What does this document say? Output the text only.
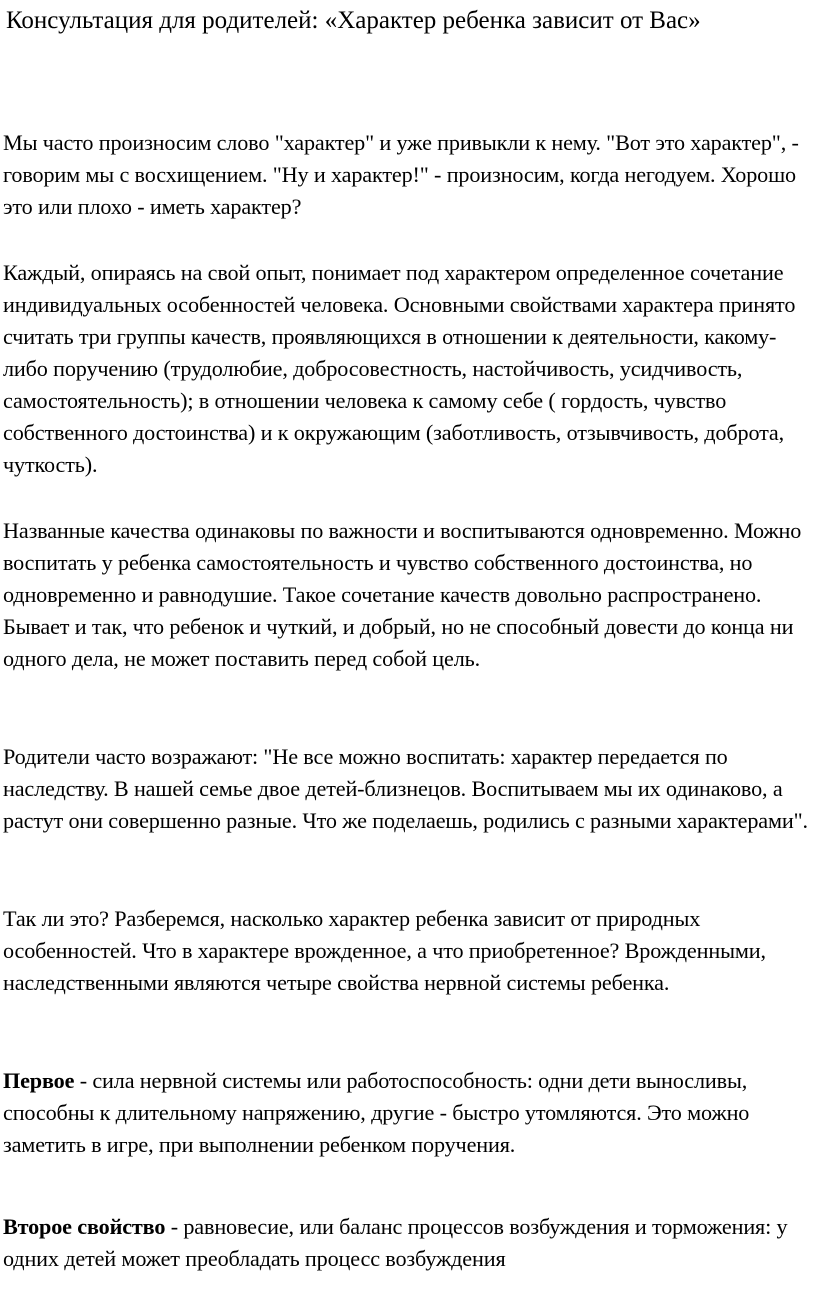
Консультация для родителей: «Характер ребенка зависит от Вас»

Мы часто произносим слово "характер" и уже привыкли к нему. "Вот это характер", - говорим мы с восхищением. "Ну и характер!" - произносим, когда негодуем. Хорошо это или плохо - иметь характер?

Каждый, опираясь на свой опыт, понимает под характером определенное сочетание индивидуальных особенностей человека. Основными свойствами характера принято считать три группы качеств, проявляющихся в отношении к деятельности, какому-либо поручению (трудолюбие, добросовестность, настойчивость, усидчивость, самостоятельность); в отношении человека к самому себе ( гордость, чувство собственного достоинства) и к окружающим (заботливость, отзывчивость, доброта, чуткость).

Названные качества одинаковы по важности и воспитываются одновременно. Можно воспитать у ребенка самостоятельность и чувство собственного достоинства, но одновременно и равнодушие. Такое сочетание качеств довольно распространено. Бывает и так, что ребенок и чуткий, и добрый, но не способный довести до конца ни одного дела, не может поставить перед собой цель.

Родители часто возражают: "Не все можно воспитать: характер передается по наследству. В нашей семье двое детей-близнецов. Воспитываем мы их одинаково, а растут они совершенно разные. Что же поделаешь, родились с разными характерами".

Так ли это? Разберемся, насколько характер ребенка зависит от природных особенностей. Что в характере врожденное, а что приобретенное? Врожденными, наследственными являются четыре свойства нервной системы ребенка.

Первое - сила нервной системы или работоспособность: одни дети выносливы, способны к длительному напряжению, другие - быстро утомляются. Это можно заметить в игре, при выполнении ребенком поручения.

Второе свойство - равновесие, или баланс процессов возбуждения и торможения: у одних детей может преобладать процесс возбуждения
